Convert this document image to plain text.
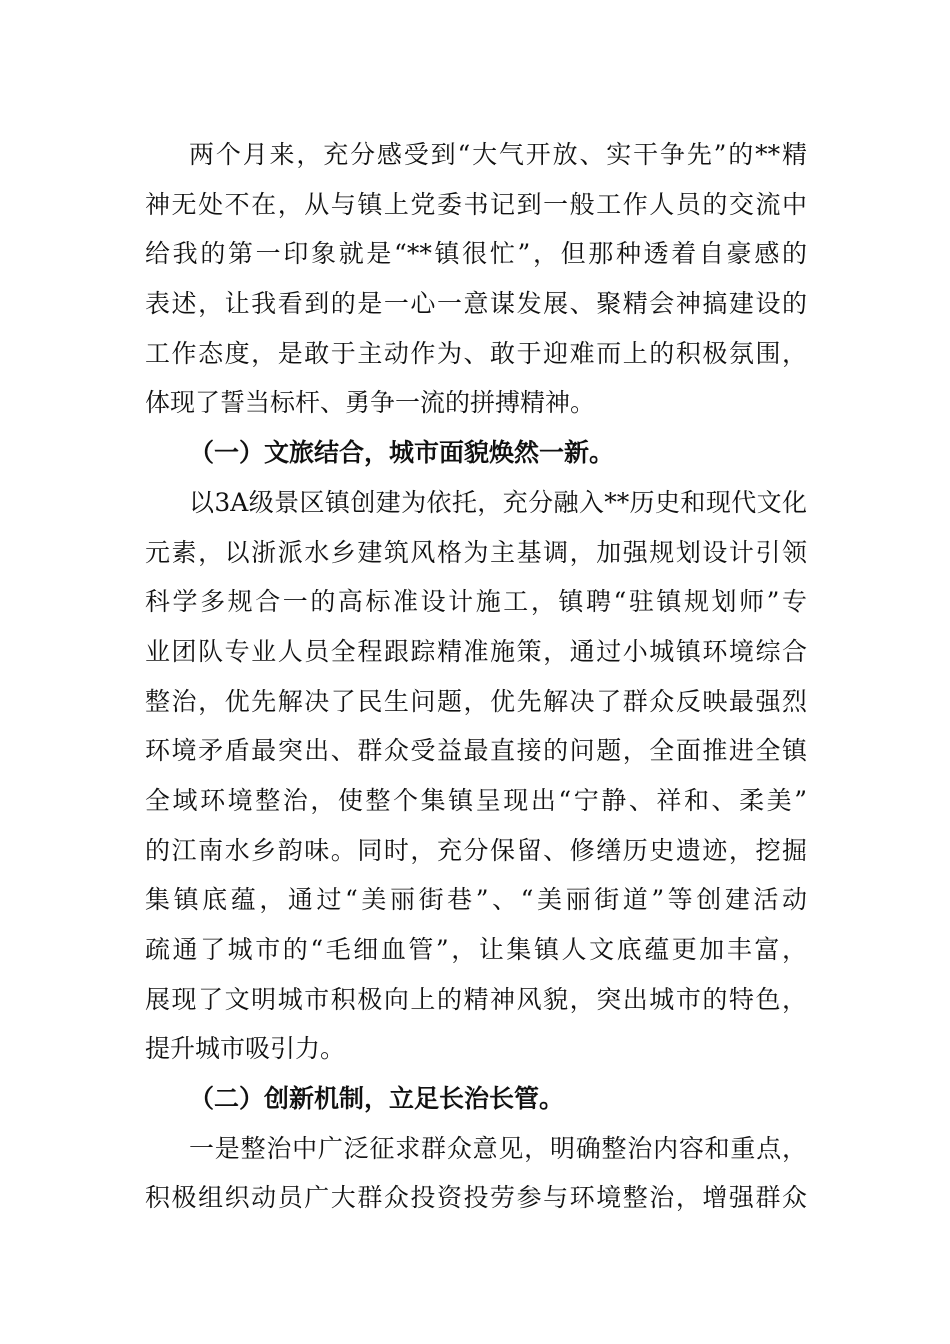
两个月来，充分感受到“大气开放、实干争先”的**精
神无处不在，从与镇上党委书记到一般工作人员的交流中
给我的第一印象就是“**镇很忙”，但那种透着自豪感的
表述，让我看到的是一心一意谋发展、聚精会神搞建设的
工作态度，是敢于主动作为、敢于迎难而上的积极氛围，
体现了誓当标杆、勇争一流的拼搏精神。
（一）文旅结合，城市面貌焕然一新。
以3A级景区镇创建为依托，充分融入**历史和现代文化
元素，以浙派水乡建筑风格为主基调，加强规划设计引领
科学多规合一的高标准设计施工，镇聘“驻镇规划师”专
业团队专业人员全程跟踪精准施策，通过小城镇环境综合
整治，优先解决了民生问题，优先解决了群众反映最强烈
环境矛盾最突出、群众受益最直接的问题，全面推进全镇
全域环境整治，使整个集镇呈现出“宁静、祥和、柔美”
的江南水乡韵味。同时，充分保留、修缮历史遗迹，挖掘
集镇底蕴，通过“美丽街巷”、“美丽街道”等创建活动
疏通了城市的“毛细血管”，让集镇人文底蕴更加丰富，
展现了文明城市积极向上的精神风貌，突出城市的特色，
提升城市吸引力。
（二）创新机制，立足长治长管。
一是整治中广泛征求群众意见，明确整治内容和重点，
积极组织动员广大群众投资投劳参与环境整治，增强群众
